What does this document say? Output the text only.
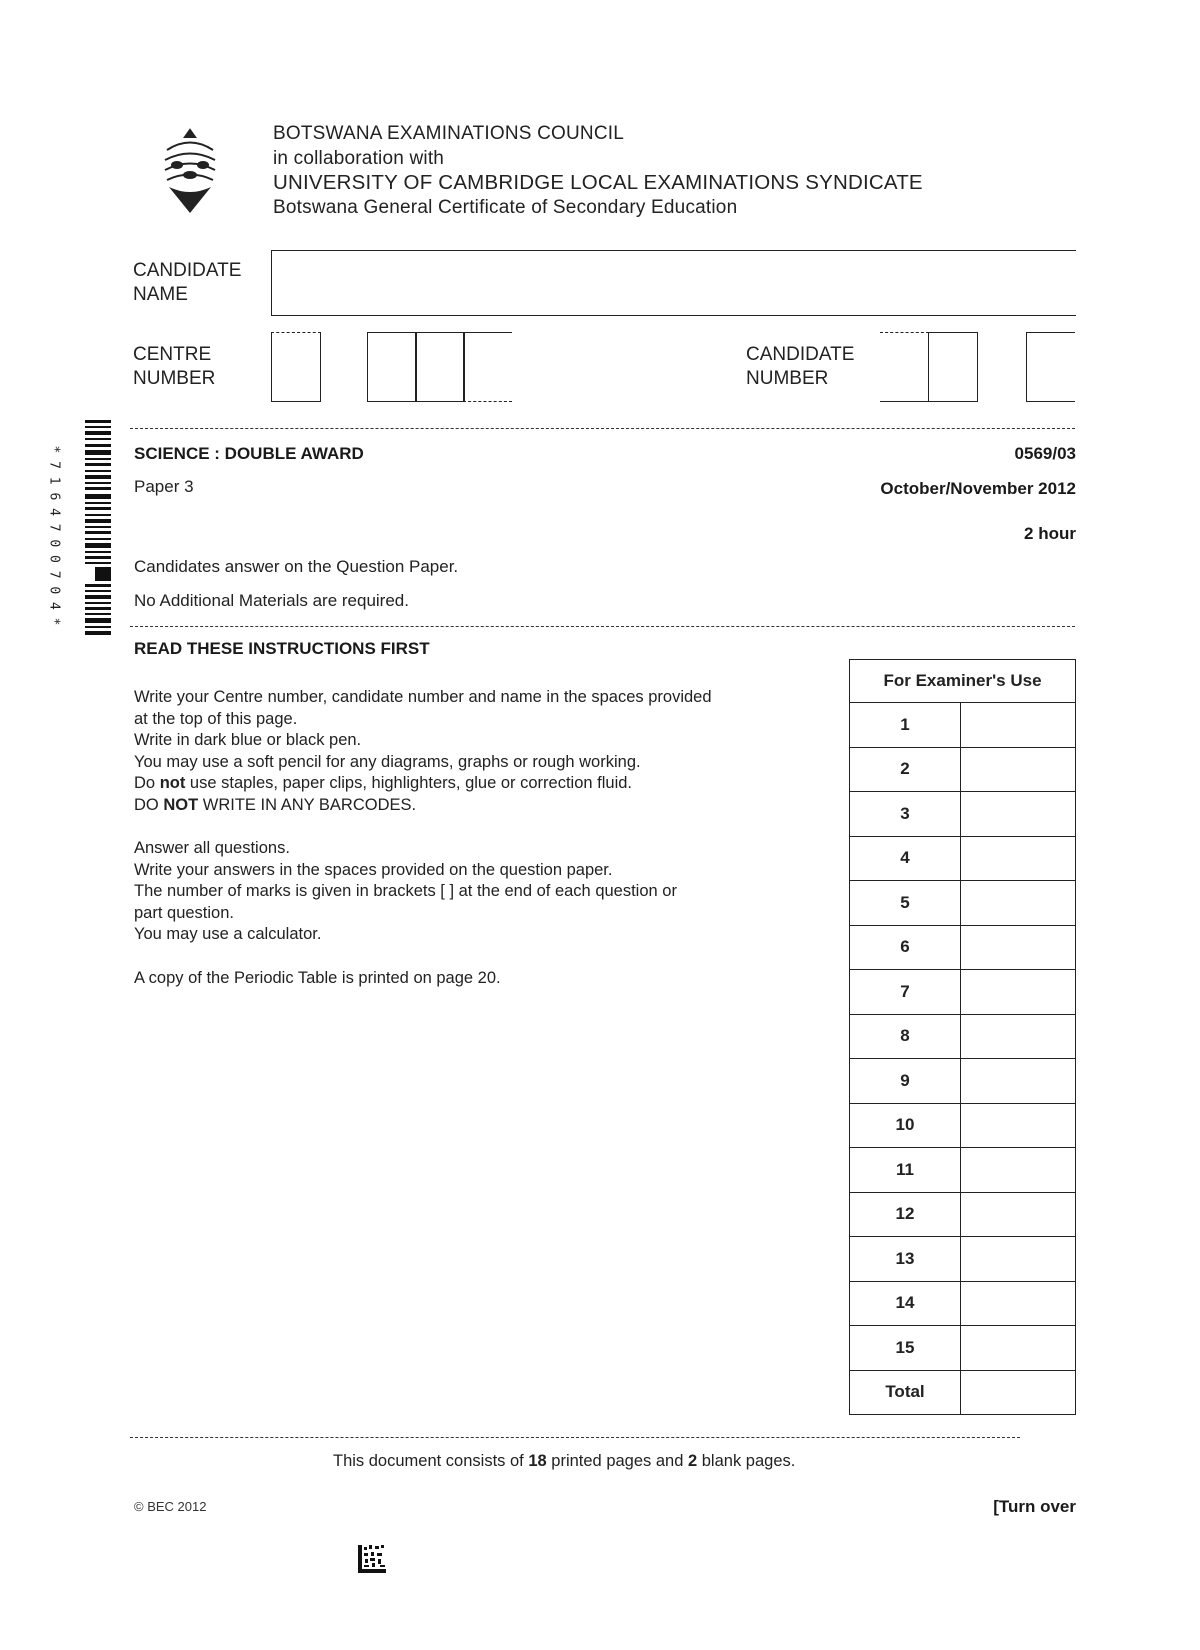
BOTSWANA EXAMINATIONS COUNCIL
in collaboration with
UNIVERSITY OF CAMBRIDGE LOCAL EXAMINATIONS SYNDICATE
Botswana General Certificate of Secondary Education
CANDIDATE
NAME
CENTRE
NUMBER
CANDIDATE
NUMBER
* 7 1 6 4 7 0 0 7 0 4 *	SCIENCE : DOUBLE AWARD	0569/03
Paper 3	October/November 2012
2 hour
Candidates answer on the Question Paper.
No Additional Materials are required.
READ THESE INSTRUCTIONS FIRST

Write your Centre number, candidate number and name in the spaces provided

at the top of this page.

Write in dark blue or black pen.

You may use a soft pencil for any diagrams, graphs or rough working.

Do not use staples, paper clips, highlighters, glue or correction fluid.

DO NOT WRITE IN ANY BARCODES.

Answer all questions.

Write your answers in the spaces provided on the question paper.

The number of marks is given in brackets [ ] at the end of each question or

part question.

You may use a calculator.

A copy of the Periodic Table is printed on page 20.

For Examiner's Use	
1	
2	
3	
4	
5	
6	
7	
8	
9	
10	
11	
12	
13	
14	
15	
Total	
This document consists of 18 printed pages and 2 blank pages.
© BEC 2012	[Turn over
